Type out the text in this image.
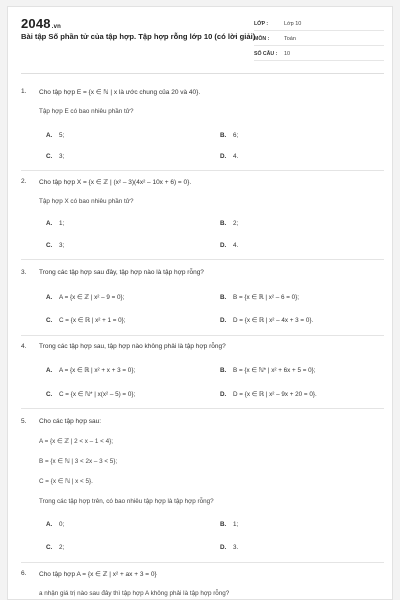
2048.vn
Bài tập Số phần tử của tập hợp. Tập hợp rỗng lớp 10 (có lời giải)
LỚP :	Lớp 10
MÔN :	Toán
SỐ CÂU :	10
1. Cho tập hợp E = {x ∈ ℕ | x là ước chung của 20 và 40}.
Tập hợp E có bao nhiêu phần tử?
A. 5;	B. 6;
C. 3;	D. 4.
2. Cho tập hợp X = {x ∈ ℤ | (x² – 3)(4x² – 10x + 6) = 0}.
Tập hợp X có bao nhiêu phần tử?
A. 1;	B. 2;
C. 3;	D. 4.
3. Trong các tập hợp sau đây, tập hợp nào là tập hợp rỗng?
A. A = {x ∈ ℤ | x² – 9 = 0};	B. B = {x ∈ ℝ | x² – 6 = 0};
C. C = {x ∈ ℝ | x² + 1 = 0};	D. D = {x ∈ ℝ | x² – 4x + 3 = 0}.
4. Trong các tập hợp sau, tập hợp nào không phải là tập hợp rỗng?
A. A = {x ∈ ℝ | x² + x + 3 = 0};	B. B = {x ∈ ℕ* | x² + 6x + 5 = 0};
C. C = {x ∈ ℕ* | x(x² – 5) = 0};	D. D = {x ∈ ℝ | x² – 9x + 20 = 0}.
5. Cho các tập hợp sau:
A = {x ∈ ℤ | 2 < x – 1 < 4};
B = {x ∈ ℕ | 3 < 2x – 3 < 5};
C = {x ∈ ℕ | x < 5}.
Trong các tập hợp trên, có bao nhiêu tập hợp là tập hợp rỗng?
A. 0;	B. 1;
C. 2;	D. 3.
6. Cho tập hợp A = {x ∈ ℤ | x² + ax + 3 = 0}
a nhận giá trị nào sau đây thì tập hợp A không phải là tập hợp rỗng?
